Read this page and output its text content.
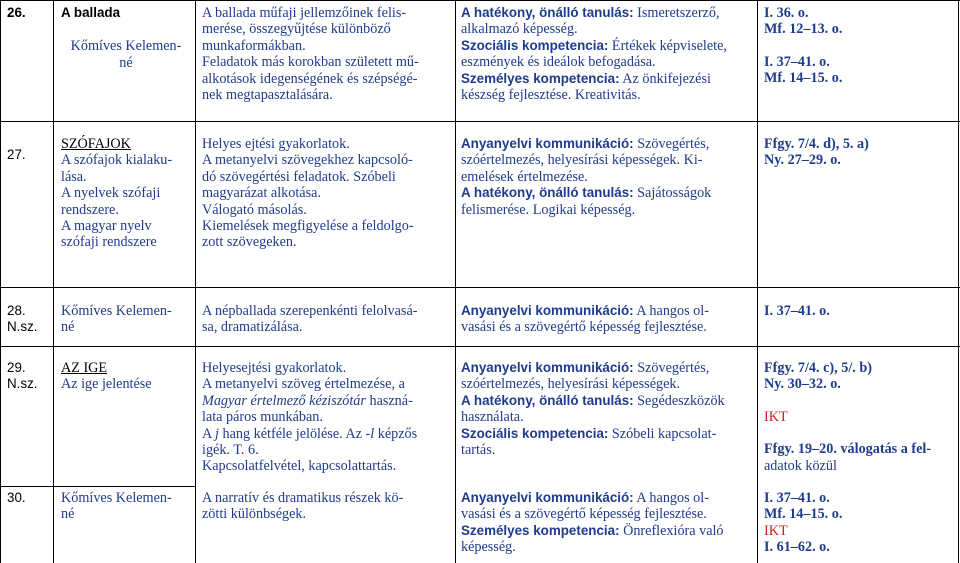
26.	A ballada
Kőmíves Kelemen-
né
A ballada műfaji jellemzőinek felis-
merése, összegyűjtése különböző
munkaformákban.
Feladatok más korokban született mű-
alkotások idegenségének és szépségé-
nek megtapasztalására.
A hatékony, önálló tanulás: Ismeretszerző,
alkalmazó képesség.
Szociális kompetencia: Értékek képviselete,
eszmények és ideálok befogadása.
Személyes kompetencia: Az önkifejezési
készség fejlesztése. Kreativitás.
I. 36. o.
Mf. 12–13. o.
I. 37–41. o.
Mf. 14–15. o.
27.
SZÓFAJOK
A szófajok kialaku-
lása.
A nyelvek szófaji
rendszere.
A magyar nyelv
szófaji rendszere
Helyes ejtési gyakorlatok.
A metanyelvi szövegekhez kapcsoló-
dó szövegértési feladatok. Szóbeli
magyarázat alkotása.
Válogató másolás.
Kiemelések megfigyelése a feldolgo-
zott szövegeken.
Anyanyelvi kommunikáció: Szövegértés,
szóértelmezés, helyesírási képességek. Ki-
emelések értelmezése.
A hatékony, önálló tanulás: Sajátosságok
felismerése. Logikai képesség.
Ffgy. 7/4. d), 5. a)
Ny. 27–29. o.
28.
N.sz.
Kőmíves Kelemen-
né
A népballada szerepenkénti felolvasá-
sa, dramatizálása.
Anyanyelvi kommunikáció: A hangos ol-
vasási és a szövegértő képesség fejlesztése.
I. 37–41. o.
29.
N.sz.
AZ IGE
Az ige jelentése
Helyesejtési gyakorlatok.
A metanyelvi szöveg értelmezése, a
Magyar értelmező kéziszótár haszná-
lata páros munkában.
A j hang kétféle jelölése. Az -l képzős
igék. T. 6.
Kapcsolatfelvétel, kapcsolattartás.
Anyanyelvi kommunikáció: Szövegértés,
szóértelmezés, helyesírási képességek.
A hatékony, önálló tanulás: Segédeszközök
használata.
Szociális kompetencia: Szóbeli kapcsolat-
tartás.
Ffgy. 7/4. c), 5/. b)
Ny. 30–32. o.
IKT
Ffgy. 19–20. válogatás a fel-
adatok közül
30. Kőmíves Kelemen-
né
A narratív és dramatikus részek kö-
zötti különbségek.
Anyanyelvi kommunikáció: A hangos ol-
vasási és a szövegértő képesség fejlesztése.
Személyes kompetencia: Önreflexióra való
képesség.
I. 37–41. o.
Mf. 14–15. o.
IKT
I. 61–62. o.
